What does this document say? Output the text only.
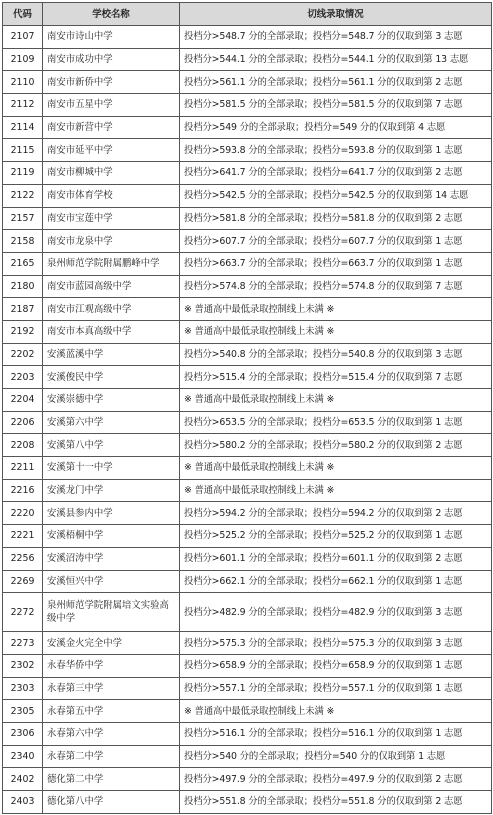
代码	学校名称	切线录取情况
2107	南安市诗山中学	投档分>548.7 分的全部录取；投档分=548.7 分的仅取到第 3 志愿
2109	南安市成功中学	投档分>544.1 分的全部录取；投档分=544.1 分的仅取到第 13 志愿
2110	南安市新侨中学	投档分>561.1 分的全部录取；投档分=561.1 分的仅取到第 2 志愿
2112	南安市五星中学	投档分>581.5 分的全部录取；投档分=581.5 分的仅取到第 7 志愿
2114	南安市新营中学	投档分>549 分的全部录取；投档分=549 分的仅取到第 4 志愿
2115	南安市延平中学	投档分>593.8 分的全部录取；投档分=593.8 分的仅取到第 1 志愿
2119	南安市柳城中学	投档分>641.7 分的全部录取；投档分=641.7 分的仅取到第 2 志愿
2122	南安市体育学校	投档分>542.5 分的全部录取；投档分=542.5 分的仅取到第 14 志愿
2157	南安市宝莲中学	投档分>581.8 分的全部录取；投档分=581.8 分的仅取到第 2 志愿
2158	南安市龙泉中学	投档分>607.7 分的全部录取；投档分=607.7 分的仅取到第 1 志愿
2165	泉州师范学院附属鹏峰中学	投档分>663.7 分的全部录取；投档分=663.7 分的仅取到第 1 志愿
2180	南安市蓝园高级中学	投档分>574.8 分的全部录取；投档分=574.8 分的仅取到第 7 志愿
2187	南安市江观高级中学	※ 普通高中最低录取控制线上未满 ※
2192	南安市本真高级中学	※ 普通高中最低录取控制线上未满 ※
2202	安溪蓝溪中学	投档分>540.8 分的全部录取；投档分=540.8 分的仅取到第 3 志愿
2203	安溪俊民中学	投档分>515.4 分的全部录取；投档分=515.4 分的仅取到第 7 志愿
2204	安溪崇德中学	※ 普通高中最低录取控制线上未满 ※
2206	安溪第六中学	投档分>653.5 分的全部录取；投档分=653.5 分的仅取到第 1 志愿
2208	安溪第八中学	投档分>580.2 分的全部录取；投档分=580.2 分的仅取到第 2 志愿
2211	安溪第十一中学	※ 普通高中最低录取控制线上未满 ※
2216	安溪龙门中学	※ 普通高中最低录取控制线上未满 ※
2220	安溪县参内中学	投档分>594.2 分的全部录取；投档分=594.2 分的仅取到第 2 志愿
2221	安溪梧桐中学	投档分>525.2 分的全部录取；投档分=525.2 分的仅取到第 1 志愿
2256	安溪沼涛中学	投档分>601.1 分的全部录取；投档分=601.1 分的仅取到第 2 志愿
2269	安溪恒兴中学	投档分>662.1 分的全部录取；投档分=662.1 分的仅取到第 1 志愿
2272	泉州师范学院附属培文实验高级中学	投档分>482.9 分的全部录取；投档分=482.9 分的仅取到第 3 志愿
2273	安溪金火完全中学	投档分>575.3 分的全部录取；投档分=575.3 分的仅取到第 3 志愿
2302	永春华侨中学	投档分>658.9 分的全部录取；投档分=658.9 分的仅取到第 1 志愿
2303	永春第三中学	投档分>557.1 分的全部录取；投档分=557.1 分的仅取到第 1 志愿
2305	永春第五中学	※ 普通高中最低录取控制线上未满 ※
2306	永春第六中学	投档分>516.1 分的全部录取；投档分=516.1 分的仅取到第 1 志愿
2340	永春第二中学	投档分>540 分的全部录取；投档分=540 分的仅取到第 1 志愿
2402	德化第二中学	投档分>497.9 分的全部录取；投档分=497.9 分的仅取到第 2 志愿
2403	德化第八中学	投档分>551.8 分的全部录取；投档分=551.8 分的仅取到第 2 志愿
